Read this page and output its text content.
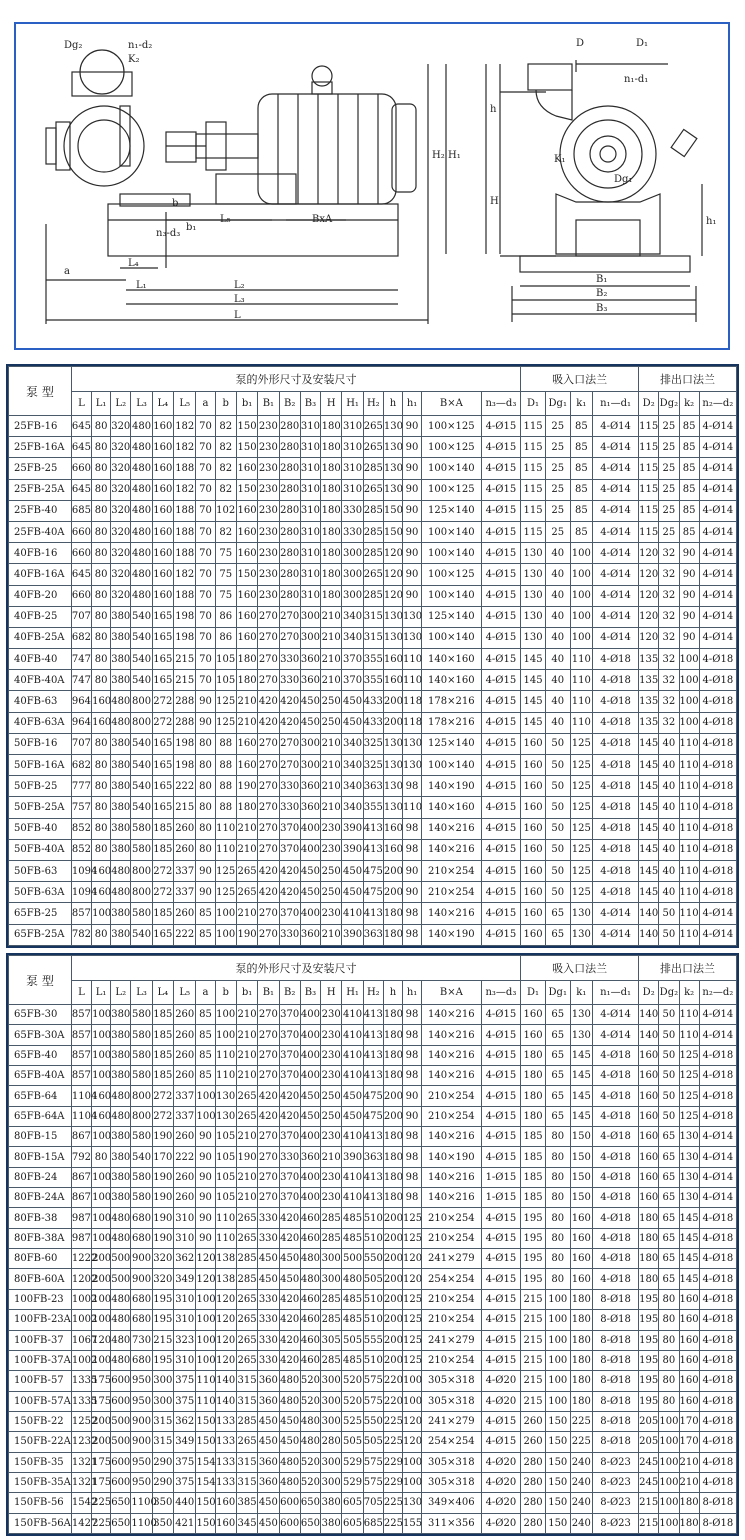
Dg₂	n₁-d₂
K₂
b
b₁
L₅	BxA
n₃-d₃
a
L₄
L₁	L₂
L₃
L
h
H₂ H₁
H
D	D₁
n₁-d₁
K₁
Dg₁
h₁
B₁
B₂
B₃
泵 型	泵的外形尺寸及安装尺寸																			吸入口法兰				排出口法兰			
	L	L₁	L₂	L₃	L₄	L₅	a	b	b₁	B₁	B₂	B₃	H	H₁	H₂	h	h₁	B×A	n₃—d₃	D₁	Dg₁	k₁	n₁—d₁	D₂	Dg₂	k₂	n₂—d₂
25FB-16	645	80	320	480	160	182	70	82	150	230	280	310	180	310	265	130	90	100×125	4-Ø15	115	25	85	4-Ø14	115	25	85	4-Ø14
25FB-16A	645	80	320	480	160	182	70	82	150	230	280	310	180	310	265	130	90	100×125	4-Ø15	115	25	85	4-Ø14	115	25	85	4-Ø14
25FB-25	660	80	320	480	160	188	70	82	160	230	280	310	180	310	285	130	90	100×140	4-Ø15	115	25	85	4-Ø14	115	25	85	4-Ø14
25FB-25A	645	80	320	480	160	182	70	82	150	230	280	310	180	310	265	130	90	100×125	4-Ø15	115	25	85	4-Ø14	115	25	85	4-Ø14
25FB-40	685	80	320	480	160	188	70	102	160	230	280	310	180	330	285	150	90	125×140	4-Ø15	115	25	85	4-Ø14	115	25	85	4-Ø14
25FB-40A	660	80	320	480	160	188	70	82	160	230	280	310	180	330	285	150	90	100×140	4-Ø15	115	25	85	4-Ø14	115	25	85	4-Ø14
40FB-16	660	80	320	480	160	188	70	75	160	230	280	310	180	300	285	120	90	100×140	4-Ø15	130	40	100	4-Ø14	120	32	90	4-Ø14
40FB-16A	645	80	320	480	160	182	70	75	150	230	280	310	180	300	265	120	90	100×125	4-Ø15	130	40	100	4-Ø14	120	32	90	4-Ø14
40FB-20	660	80	320	480	160	188	70	75	160	230	280	310	180	300	285	120	90	100×140	4-Ø15	130	40	100	4-Ø14	120	32	90	4-Ø14
40FB-25	707	80	380	540	165	198	70	86	160	270	270	300	210	340	315	130	130	125×140	4-Ø15	130	40	100	4-Ø14	120	32	90	4-Ø14
40FB-25A	682	80	380	540	165	198	70	86	160	270	270	300	210	340	315	130	130	100×140	4-Ø15	130	40	100	4-Ø14	120	32	90	4-Ø14
40FB-40	747	80	380	540	165	215	70	105	180	270	330	360	210	370	355	160	110	140×160	4-Ø15	145	40	110	4-Ø18	135	32	100	4-Ø18
40FB-40A	747	80	380	540	165	215	70	105	180	270	330	360	210	370	355	160	110	140×160	4-Ø15	145	40	110	4-Ø18	135	32	100	4-Ø18
40FB-63	964	160	480	800	272	288	90	125	210	420	420	450	250	450	433	200	118	178×216	4-Ø15	145	40	110	4-Ø18	135	32	100	4-Ø18
40FB-63A	964	160	480	800	272	288	90	125	210	420	420	450	250	450	433	200	118	178×216	4-Ø15	145	40	110	4-Ø18	135	32	100	4-Ø18
50FB-16	707	80	380	540	165	198	80	88	160	270	270	300	210	340	325	130	130	125×140	4-Ø15	160	50	125	4-Ø18	145	40	110	4-Ø18
50FB-16A	682	80	380	540	165	198	80	88	160	270	270	300	210	340	325	130	130	100×140	4-Ø15	160	50	125	4-Ø18	145	40	110	4-Ø18
50FB-25	777	80	380	540	165	222	80	88	190	270	330	360	210	340	363	130	98	140×190	4-Ø15	160	50	125	4-Ø18	145	40	110	4-Ø18
50FB-25A	757	80	380	540	165	215	80	88	180	270	330	360	210	340	355	130	110	140×160	4-Ø15	160	50	125	4-Ø18	145	40	110	4-Ø18
50FB-40	852	80	380	580	185	260	80	110	210	270	370	400	230	390	413	160	98	140×216	4-Ø15	160	50	125	4-Ø18	145	40	110	4-Ø18
50FB-40A	852	80	380	580	185	260	80	110	210	270	370	400	230	390	413	160	98	140×216	4-Ø15	160	50	125	4-Ø18	145	40	110	4-Ø18
50FB-63	1094	160	480	800	272	337	90	125	265	420	420	450	250	450	475	200	90	210×254	4-Ø15	160	50	125	4-Ø18	145	40	110	4-Ø18
50FB-63A	1094	160	480	800	272	337	90	125	265	420	420	450	250	450	475	200	90	210×254	4-Ø15	160	50	125	4-Ø18	145	40	110	4-Ø18
65FB-25	857	100	380	580	185	260	85	100	210	270	370	400	230	410	413	180	98	140×216	4-Ø15	160	65	130	4-Ø14	140	50	110	4-Ø14
65FB-25A	782	80	380	540	165	222	85	100	190	270	330	360	210	390	363	180	98	140×190	4-Ø15	160	65	130	4-Ø14	140	50	110	4-Ø14
泵 型	泵的外形尺寸及安装尺寸																			吸入口法兰				排出口法兰			
	L	L₁	L₂	L₃	L₄	L₅	a	b	b₁	B₁	B₂	B₃	H	H₁	H₂	h	h₁	B×A	n₃—d₃	D₁	Dg₁	k₁	n₁—d₁	D₂	Dg₂	k₂	n₂—d₂
65FB-30	857	100	380	580	185	260	85	100	210	270	370	400	230	410	413	180	98	140×216	4-Ø15	160	65	130	4-Ø14	140	50	110	4-Ø14
65FB-30A	857	100	380	580	185	260	85	100	210	270	370	400	230	410	413	180	98	140×216	4-Ø15	160	65	130	4-Ø14	140	50	110	4-Ø14
65FB-40	857	100	380	580	185	260	85	110	210	270	370	400	230	410	413	180	98	140×216	4-Ø15	180	65	145	4-Ø18	160	50	125	4-Ø18
65FB-40A	857	100	380	580	185	260	85	110	210	270	370	400	230	410	413	180	98	140×216	4-Ø15	180	65	145	4-Ø18	160	50	125	4-Ø18
65FB-64	1104	160	480	800	272	337	100	130	265	420	420	450	250	450	475	200	90	210×254	4-Ø15	180	65	145	4-Ø18	160	50	125	4-Ø18
65FB-64A	1104	160	480	800	272	337	100	130	265	420	420	450	250	450	475	200	90	210×254	4-Ø15	180	65	145	4-Ø18	160	50	125	4-Ø18
80FB-15	867	100	380	580	190	260	90	105	210	270	370	400	230	410	413	180	98	140×216	4-Ø15	185	80	150	4-Ø18	160	65	130	4-Ø14
80FB-15A	792	80	380	540	170	222	90	105	190	270	330	360	210	390	363	180	98	140×190	4-Ø15	185	80	150	4-Ø18	160	65	130	4-Ø14
80FB-24	867	100	380	580	190	260	90	105	210	270	370	400	230	410	413	180	98	140×216	1-Ø15	185	80	150	4-Ø18	160	65	130	4-Ø14
80FB-24A	867	100	380	580	190	260	90	105	210	270	370	400	230	410	413	180	98	140×216	1-Ø15	185	80	150	4-Ø18	160	65	130	4-Ø14
80FB-38	987	100	480	680	190	310	90	110	265	330	420	460	285	485	510	200	125	210×254	4-Ø15	195	80	160	4-Ø18	180	65	145	4-Ø18
80FB-38A	987	100	480	680	190	310	90	110	265	330	420	460	285	485	510	200	125	210×254	4-Ø15	195	80	160	4-Ø18	180	65	145	4-Ø18
80FB-60	1222	200	500	900	320	362	120	138	285	450	450	480	300	500	550	200	120	241×279	4-Ø15	195	80	160	4-Ø18	180	65	145	4-Ø18
80FB-60A	1202	200	500	900	320	349	120	138	285	450	450	480	300	480	505	200	120	254×254	4-Ø15	195	80	160	4-Ø18	180	65	145	4-Ø18
100FB-23	1002	100	480	680	195	310	100	120	265	330	420	460	285	485	510	200	125	210×254	4-Ø15	215	100	180	8-Ø18	195	80	160	4-Ø18
100FB-23A	1002	100	480	680	195	310	100	120	265	330	420	460	285	485	510	200	125	210×254	4-Ø15	215	100	180	8-Ø18	195	80	160	4-Ø18
100FB-37	1067	120	480	730	215	323	100	120	265	330	420	460	305	505	555	200	125	241×279	4-Ø15	215	100	180	8-Ø18	195	80	160	4-Ø18
100FB-37A	1002	100	480	680	195	310	100	120	265	330	420	460	285	485	510	200	125	210×254	4-Ø15	215	100	180	8-Ø18	195	80	160	4-Ø18
100FB-57	1335	175	600	950	300	375	110	140	315	360	480	520	300	520	575	220	100	305×318	4-Ø20	215	100	180	8-Ø18	195	80	160	4-Ø18
100FB-57A	1335	175	600	950	300	375	110	140	315	360	480	520	300	520	575	220	100	305×318	4-Ø20	215	100	180	8-Ø18	195	80	160	4-Ø18
150FB-22	1252	200	500	900	315	362	150	133	285	450	450	480	300	525	550	225	120	241×279	4-Ø15	260	150	225	8-Ø18	205	100	170	4-Ø18
150FB-22A	1232	200	500	900	315	349	150	133	265	450	450	480	280	505	505	225	120	254×254	4-Ø15	260	150	225	8-Ø18	205	100	170	4-Ø18
150FB-35	1321	175	600	950	290	375	154	133	315	360	480	520	300	529	575	229	100	305×318	4-Ø20	280	150	240	8-Ø23	245	100	210	4-Ø18
150FB-35A	1321	175	600	950	290	375	154	133	315	360	480	520	300	529	575	229	100	305×318	4-Ø20	280	150	240	8-Ø23	245	100	210	4-Ø18
150FB-56	1542	225	650	1100	350	440	150	160	385	450	600	650	380	605	705	225	130	349×406	4-Ø20	280	150	240	8-Ø23	215	100	180	8-Ø18
150FB-56A	1427	225	650	1100	350	421	150	160	345	450	600	650	380	605	685	225	155	311×356	4-Ø20	280	150	240	8-Ø23	215	100	180	8-Ø18
